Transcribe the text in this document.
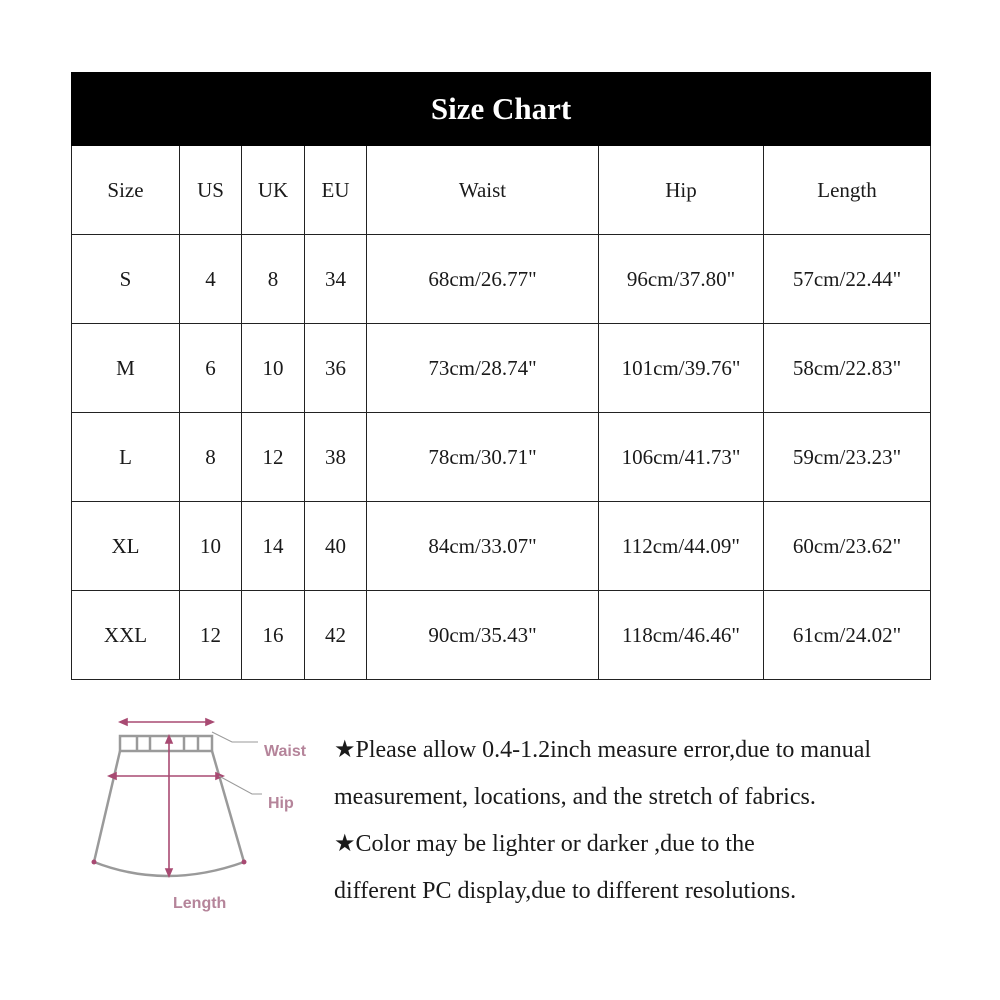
Size Chart						
Size	US	UK	EU	Waist	Hip	Length
S	4	8	34	68cm/26.77"	96cm/37.80"	57cm/22.44"
M	6	10	36	73cm/28.74"	101cm/39.76"	58cm/22.83"
L	8	12	38	78cm/30.71"	106cm/41.73"	59cm/23.23"
XL	10	14	40	84cm/33.07"	112cm/44.09"	60cm/23.62"
XXL	12	16	42	90cm/35.43"	118cm/46.46"	61cm/24.02"
Waist
Hip
Length

★Please allow 0.4-1.2inch measure error,due to manual

measurement, locations, and the stretch of fabrics.

★Color may be lighter or darker ,due to the

different PC display,due to different resolutions.
